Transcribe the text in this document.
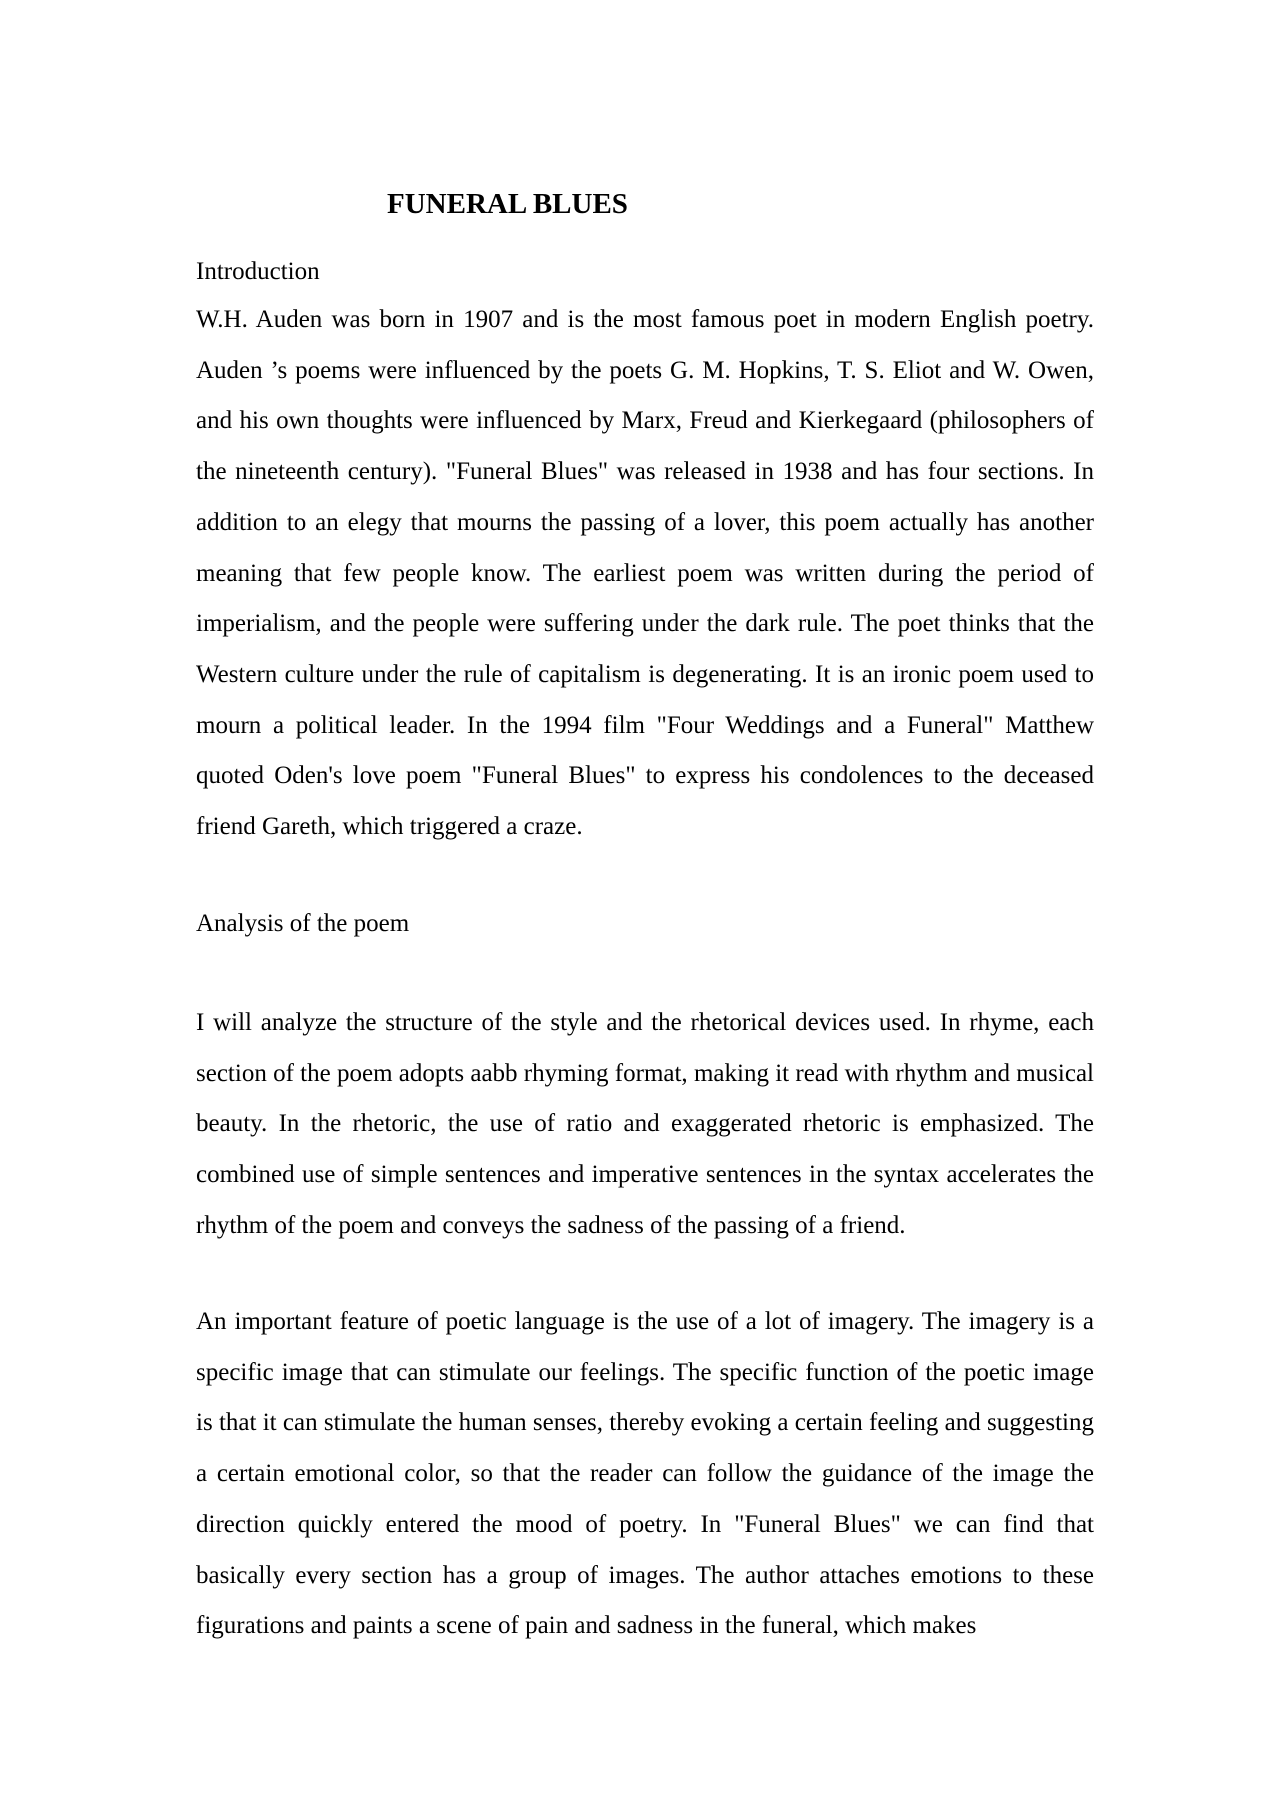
FUNERAL BLUES

Introduction

W.H. Auden was born in 1907 and is the most famous poet in modern English poetry. Auden ’s poems were influenced by the poets G. M. Hopkins, T. S. Eliot and W. Owen, and his own thoughts were influenced by Marx, Freud and Kierkegaard (philosophers of the nineteenth century). "Funeral Blues" was released in 1938 and has four sections. In addition to an elegy that mourns the passing of a lover, this poem actually has another meaning that few people know. The earliest poem was written during the period of imperialism, and the people were suffering under the dark rule. The poet thinks that the Western culture under the rule of capitalism is degenerating. It is an ironic poem used to mourn a political leader. In the 1994 film "Four Weddings and a Funeral" Matthew quoted Oden's love poem "Funeral Blues" to express his condolences to the deceased friend Gareth, which triggered a craze.

Analysis of the poem

I will analyze the structure of the style and the rhetorical devices used. In rhyme, each section of the poem adopts aabb rhyming format, making it read with rhythm and musical beauty. In the rhetoric, the use of ratio and exaggerated rhetoric is emphasized. The combined use of simple sentences and imperative sentences in the syntax accelerates the rhythm of the poem and conveys the sadness of the passing of a friend.

An important feature of poetic language is the use of a lot of imagery. The imagery is a specific image that can stimulate our feelings. The specific function of the poetic image is that it can stimulate the human senses, thereby evoking a certain feeling and suggesting a certain emotional color, so that the reader can follow the guidance of the image the direction quickly entered the mood of poetry. In "Funeral Blues" we can find that basically every section has a group of images. The author attaches emotions to these figurations and paints a scene of pain and sadness in the funeral, which makes
